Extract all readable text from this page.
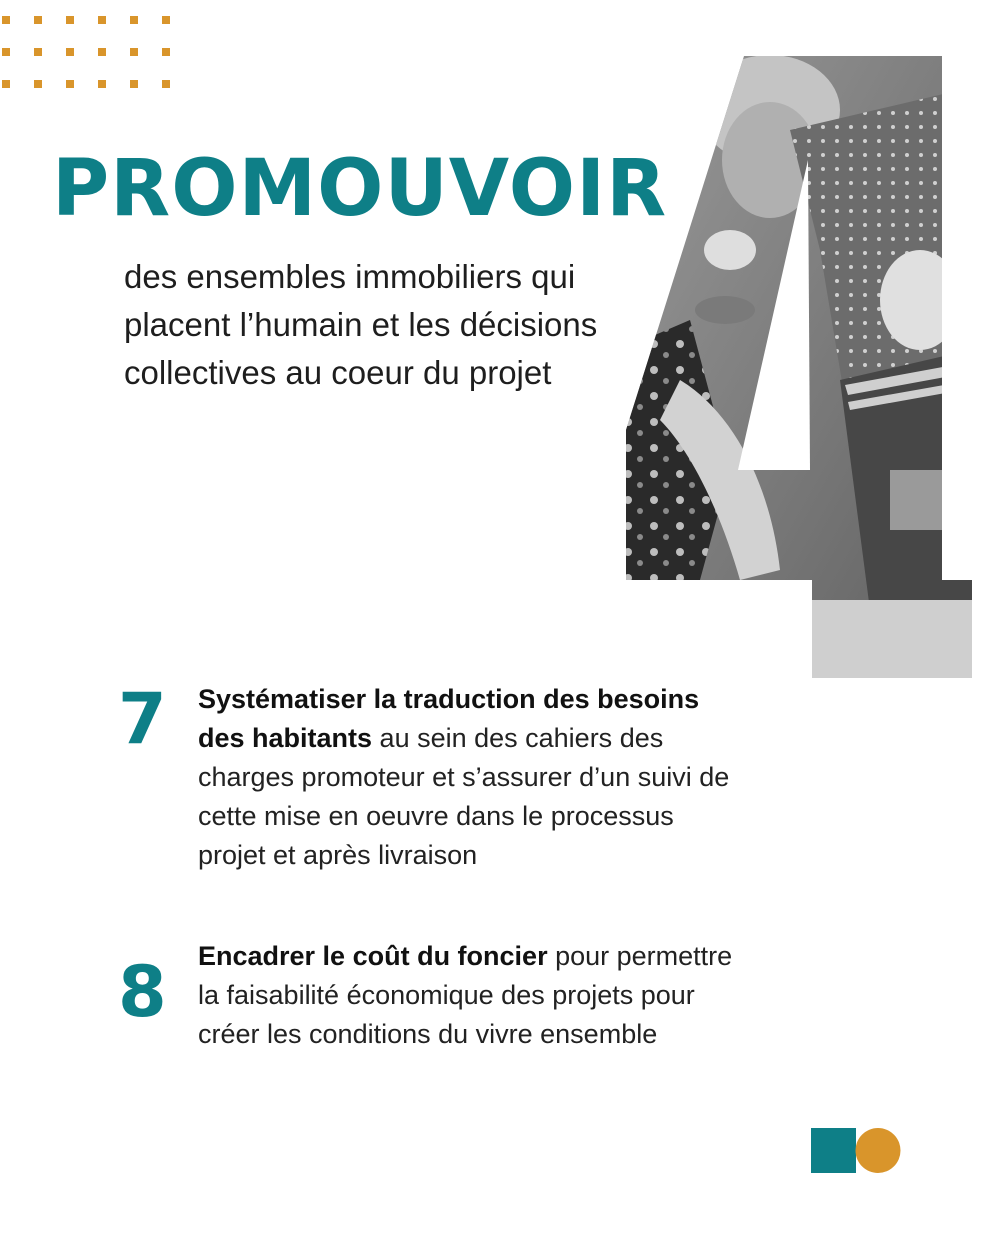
PROMOUVOIR

des ensembles immobiliers qui placent l’humain et les décisions collectives au coeur du projet

7 Systématiser la traduction des besoins des habitants au sein des cahiers des charges promoteur et s’assurer d’un suivi de cette mise en oeuvre dans le processus projet et après livraison

8 Encadrer le coût du foncier pour permettre la faisabilité économique des projets pour créer les conditions du vivre ensemble
